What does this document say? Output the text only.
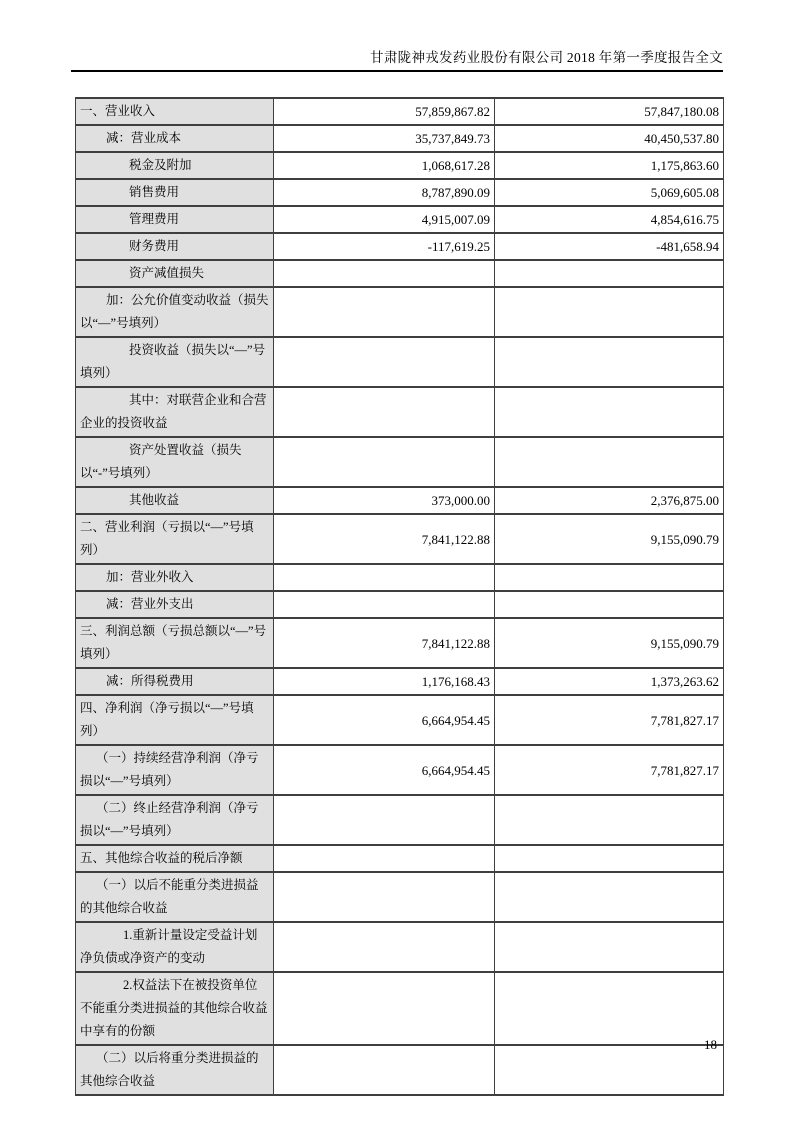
甘肃陇神戎发药业股份有限公司 2018 年第一季度报告全文
一、营业收入	57,859,867.82	57,847,180.08
减：营业成本	35,737,849.73	40,450,537.80
税金及附加	1,068,617.28	1,175,863.60
销售费用	8,787,890.09	5,069,605.08
管理费用	4,915,007.09	4,854,616.75
财务费用	-117,619.25	-481,658.94
资产减值损失		
加：公允价值变动收益（损失以“—”号填列）		
投资收益（损失以“—”号填列）		
其中：对联营企业和合营企业的投资收益		
资产处置收益（损失以“-”号填列）		
其他收益	373,000.00	2,376,875.00
二、营业利润（亏损以“—”号填列）	7,841,122.88	9,155,090.79
加：营业外收入		
减：营业外支出		
三、利润总额（亏损总额以“—”号填列）	7,841,122.88	9,155,090.79
减：所得税费用	1,176,168.43	1,373,263.62
四、净利润（净亏损以“—”号填列）	6,664,954.45	7,781,827.17
（一）持续经营净利润（净亏损以“—”号填列）	6,664,954.45	7,781,827.17
（二）终止经营净利润（净亏损以“—”号填列）		
五、其他综合收益的税后净额		
（一）以后不能重分类进损益的其他综合收益		
1.重新计量设定受益计划净负债或净资产的变动		
2.权益法下在被投资单位不能重分类进损益的其他综合收益中享有的份额		
（二）以后将重分类进损益的其他综合收益		
18
